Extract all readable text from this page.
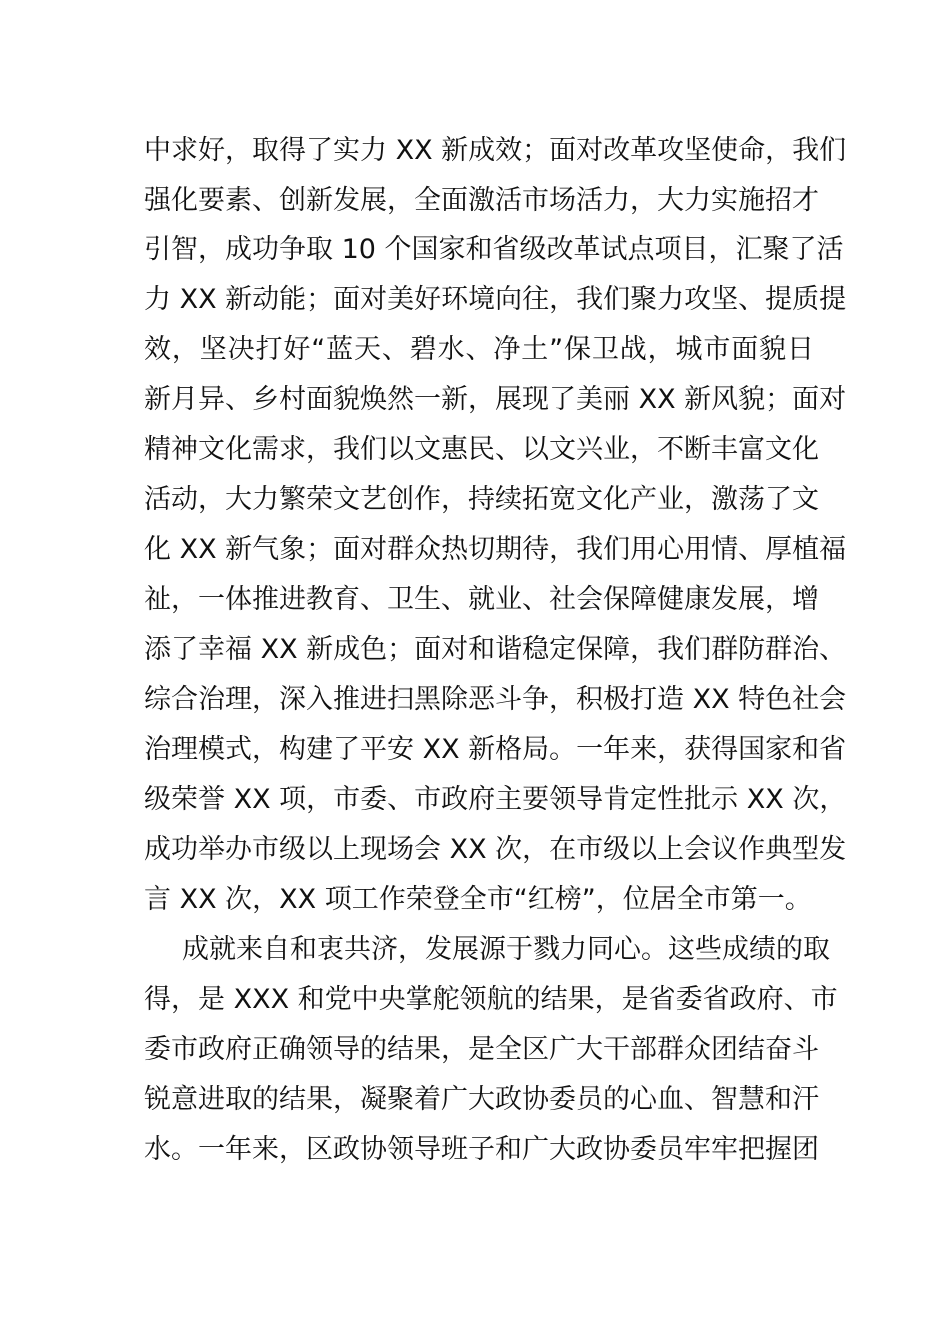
中求好，取得了实力 XX 新成效；面对改革攻坚使命，我们
强化要素、创新发展，全面激活市场活力，大力实施招才
引智，成功争取 10 个国家和省级改革试点项目，汇聚了活
力 XX 新动能；面对美好环境向往，我们聚力攻坚、提质提
效，坚决打好“蓝天、碧水、净土”保卫战，城市面貌日
新月异、乡村面貌焕然一新，展现了美丽 XX 新风貌；面对
精神文化需求，我们以文惠民、以文兴业，不断丰富文化
活动，大力繁荣文艺创作，持续拓宽文化产业，激荡了文
化 XX 新气象；面对群众热切期待，我们用心用情、厚植福
祉，一体推进教育、卫生、就业、社会保障健康发展，增
添了幸福 XX 新成色；面对和谐稳定保障，我们群防群治、
综合治理，深入推进扫黑除恶斗争，积极打造 XX 特色社会
治理模式，构建了平安 XX 新格局。一年来，获得国家和省
级荣誉 XX 项，市委、市政府主要领导肯定性批示 XX 次，
成功举办市级以上现场会 XX 次，在市级以上会议作典型发
言 XX 次，XX 项工作荣登全市“红榜”，位居全市第一。
成就来自和衷共济，发展源于戮力同心。这些成绩的取
得，是 XXX 和党中央掌舵领航的结果，是省委省政府、市
委市政府正确领导的结果，是全区广大干部群众团结奋斗
锐意进取的结果，凝聚着广大政协委员的心血、智慧和汗
水。一年来，区政协领导班子和广大政协委员牢牢把握团
